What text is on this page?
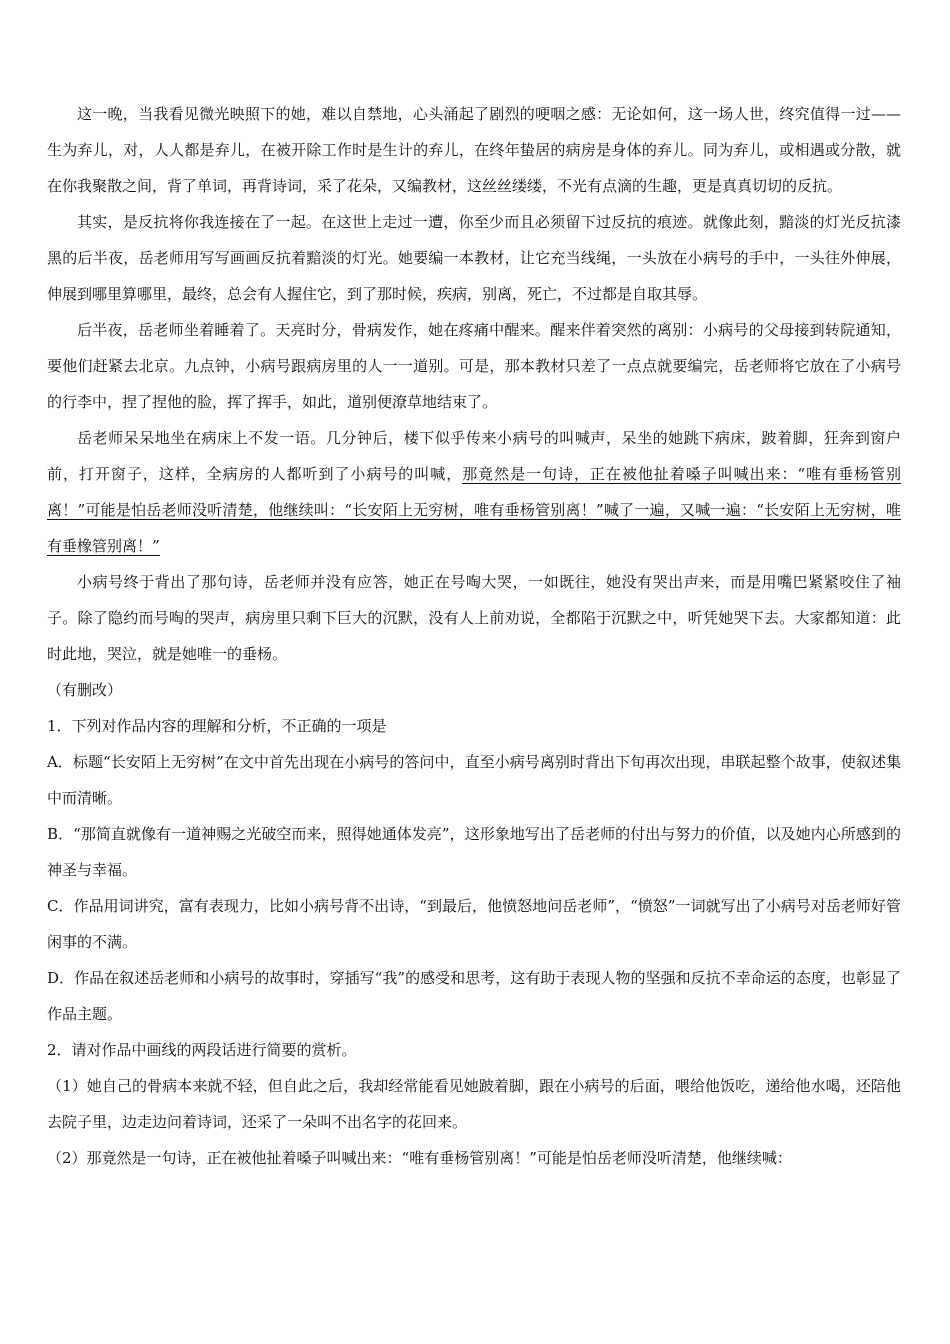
这一晚，当我看见微光映照下的她，难以自禁地，心头涌起了剧烈的哽咽之感：无论如何，这一场人世，终究值得一过——生为弃儿，对，人人都是弃儿，在被开除工作时是生计的弃儿，在终年蛰居的病房是身体的弃儿。同为弃儿，或相遇或分散，就在你我聚散之间，背了单词，再背诗词，采了花朵，又编教材，这丝丝缕缕，不光有点滴的生趣，更是真真切切的反抗。

其实，是反抗将你我连接在了一起。在这世上走过一遭，你至少而且必须留下过反抗的痕迹。就像此刻，黯淡的灯光反抗漆黑的后半夜，岳老师用写写画画反抗着黯淡的灯光。她要编一本教材，让它充当线绳，一头放在小病号的手中，一头往外伸展，伸展到哪里算哪里，最终，总会有人握住它，到了那时候，疾病，别离，死亡，不过都是自取其辱。

后半夜，岳老师坐着睡着了。天亮时分，骨病发作，她在疼痛中醒来。醒来伴着突然的离别：小病号的父母接到转院通知，要他们赶紧去北京。九点钟，小病号跟病房里的人一一道别。可是，那本教材只差了一点点就要编完，岳老师将它放在了小病号的行李中，捏了捏他的脸，挥了挥手，如此，道别便潦草地结束了。

岳老师呆呆地坐在病床上不发一语。几分钟后，楼下似乎传来小病号的叫喊声，呆坐的她跳下病床，跛着脚，狂奔到窗户前，打开窗子，这样，全病房的人都听到了小病号的叫喊，那竟然是一句诗，正在被他扯着嗓子叫喊出来：“唯有垂杨管别离！”可能是怕岳老师没听清楚，他继续叫：“长安陌上无穷树，唯有垂杨管别离！”喊了一遍，又喊一遍：“长安陌上无穷树，唯有垂橡管别离！”

小病号终于背出了那句诗，岳老师并没有应答，她正在号啕大哭，一如既往，她没有哭出声来，而是用嘴巴紧紧咬住了袖子。除了隐约而号啕的哭声，病房里只剩下巨大的沉默，没有人上前劝说，全都陷于沉默之中，听凭她哭下去。大家都知道：此时此地，哭泣，就是她唯一的垂杨。

（有删改）

1．下列对作品内容的理解和分析，不正确的一项是

A．标题“长安陌上无穷树”在文中首先出现在小病号的答问中，直至小病号离别时背出下旬再次出现，串联起整个故事，使叙述集中而清晰。

B．“那简直就像有一道神赐之光破空而来，照得她通体发亮”，这形象地写出了岳老师的付出与努力的价值，以及她内心所感到的神圣与幸福。

C．作品用词讲究，富有表现力，比如小病号背不出诗，“到最后，他愤怒地问岳老师”，“愤怒”一词就写出了小病号对岳老师好管闲事的不满。

D．作品在叙述岳老师和小病号的故事时，穿插写“我”的感受和思考，这有助于表现人物的坚强和反抗不幸命运的态度，也彰显了作品主题。

2．请对作品中画线的两段话进行简要的赏析。

（1）她自己的骨病本来就不轻，但自此之后，我却经常能看见她跛着脚，跟在小病号的后面，喂给他饭吃，递给他水喝，还陪他去院子里，边走边问着诗词，还采了一朵叫不出名字的花回来。

（2）那竟然是一句诗，正在被他扯着嗓子叫喊出来：“唯有垂杨管别离！”可能是怕岳老师没听清楚，他继续喊：
